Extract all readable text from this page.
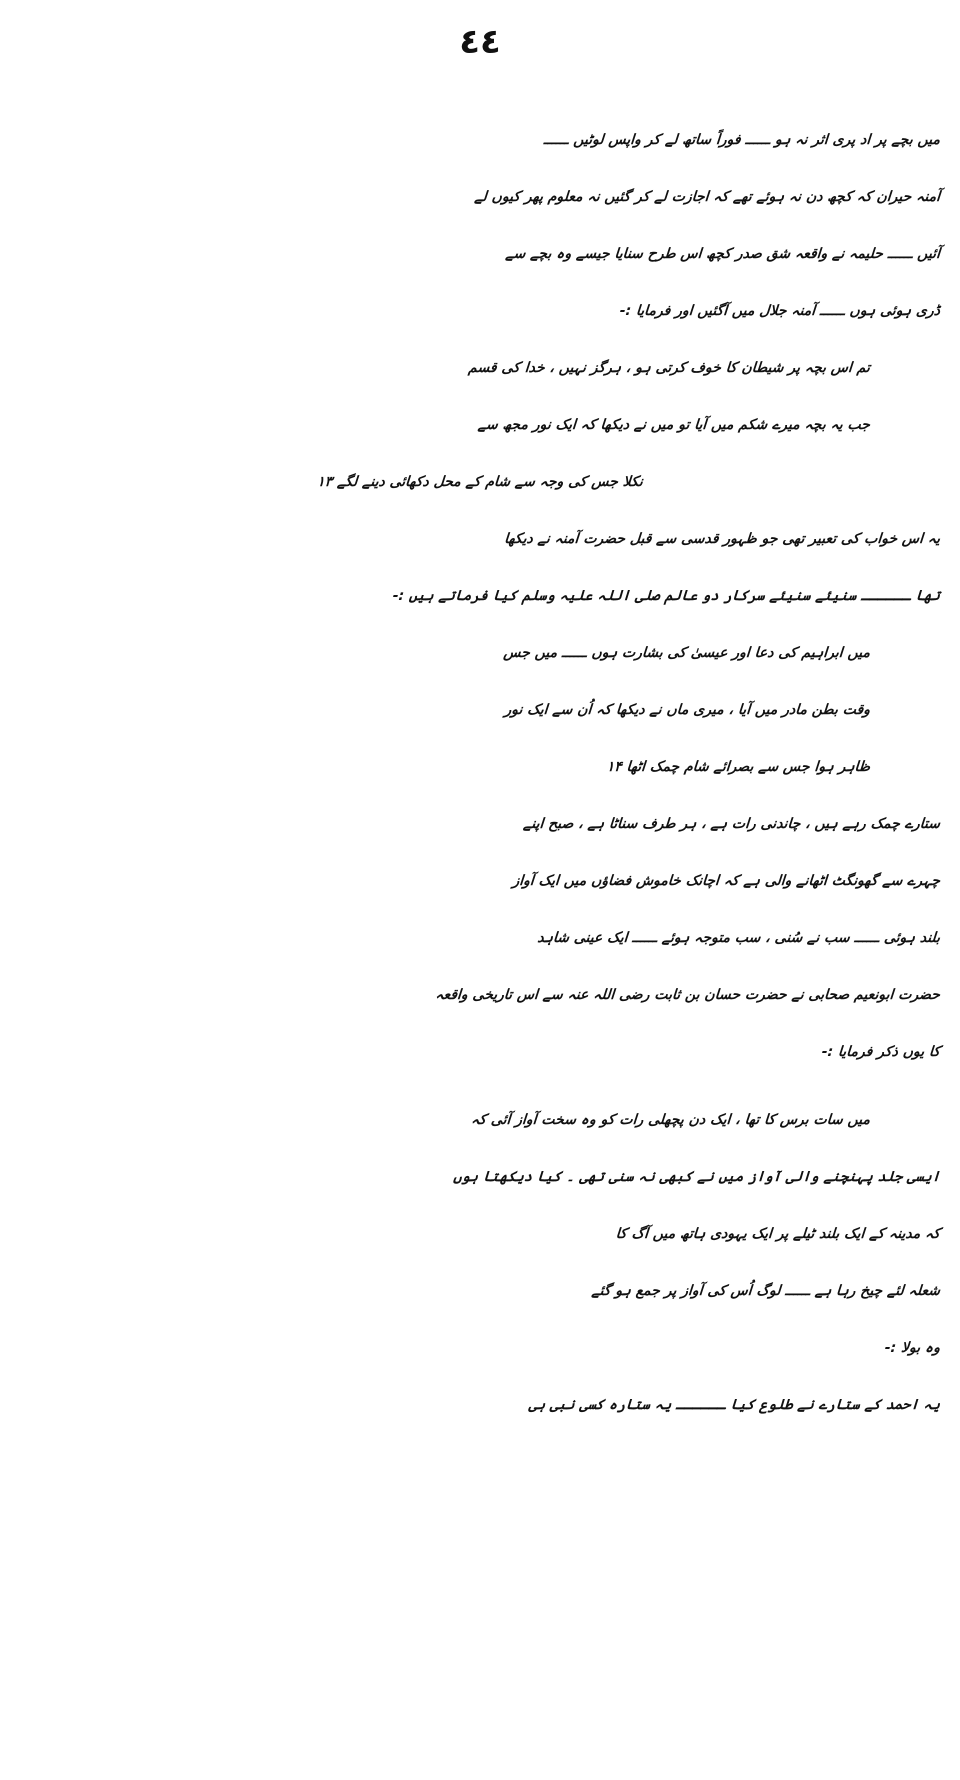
٤٤
میں بچے پر اد پری اثر نہ ہو ــــــ فوراً ساتھ لے کر واپس لوٹیں ــــــ
آمنہ حیران کہ کچھ دن نہ ہوئے تھے کہ اجازت لے کر گئیں نہ معلوم پھر کیوں لے
آئیں ــــــ حلیمہ نے واقعہ شق صدر کچھ اس طرح سنایا جیسے وہ بچے سے
ڈری ہوئی ہوں ــــــ آمنہ جلال میں آگئیں اور فرمایا :-
تم اس بچہ پر شیطان کا خوف کرتی ہو ، ہرگز نہیں ، خدا کی قسم
جب یہ بچہ میرے شکم میں آیا تو میں نے دیکھا کہ ایک نور مجھ سے
نکلا جس کی وجہ سے شام کے محل دکھائی دینے لگے ۱۳
یہ اس خواب کی تعبیر تھی جو ظہور قدسی سے قبل حضرت آمنہ نے دیکھا
تھا ــــــ سنیئے سنیئے سرکار دو عالم صلی اللہ علیہ وسلم کیا فرماتے ہیں :-
میں ابراہیم کی دعا اور عیسیٰ کی بشارت ہوں ــــــ میں جس
وقت بطن مادر میں آیا ، میری ماں نے دیکھا کہ اُن سے ایک نور
ظاہر ہوا جس سے بصرائے شام چمک اٹھا ۱۴
ستارے چمک رہے ہیں ، چاندنی رات ہے ، ہر طرف سناٹا ہے ، صبح اپنے
چہرے سے گھونگٹ اٹھانے والی ہے کہ اچانک خاموش فضاؤں میں ایک آواز
بلند ہوئی ــــــ سب نے سُنی ، سب متوجہ ہوئے ــــــ ایک عینی شاہد
حضرت ابونعیم صحابی نے حضرت حسان بن ثابت رضی اللہ عنہ سے اس تاریخی واقعہ
کا یوں ذکر فرمایا :-
میں سات برس کا تھا ، ایک دن پچھلی رات کو وہ سخت آواز آئی کہ
ایسی جلد پہنچنے والی آواز میں نے کبھی نہ سنی تھی ۔ کیا دیکھتا ہوں
کہ مدینہ کے ایک بلند ٹیلے پر ایک یہودی ہاتھ میں آگ کا
شعلہ لئے چیخ رہا ہے ــــــ لوگ اُس کی آواز پر جمع ہو گئے
وہ بولا :-
یہ احمد کے ستارے نے طلوع کیا ــــــ یہ ستارہ کسی نبی ہی
